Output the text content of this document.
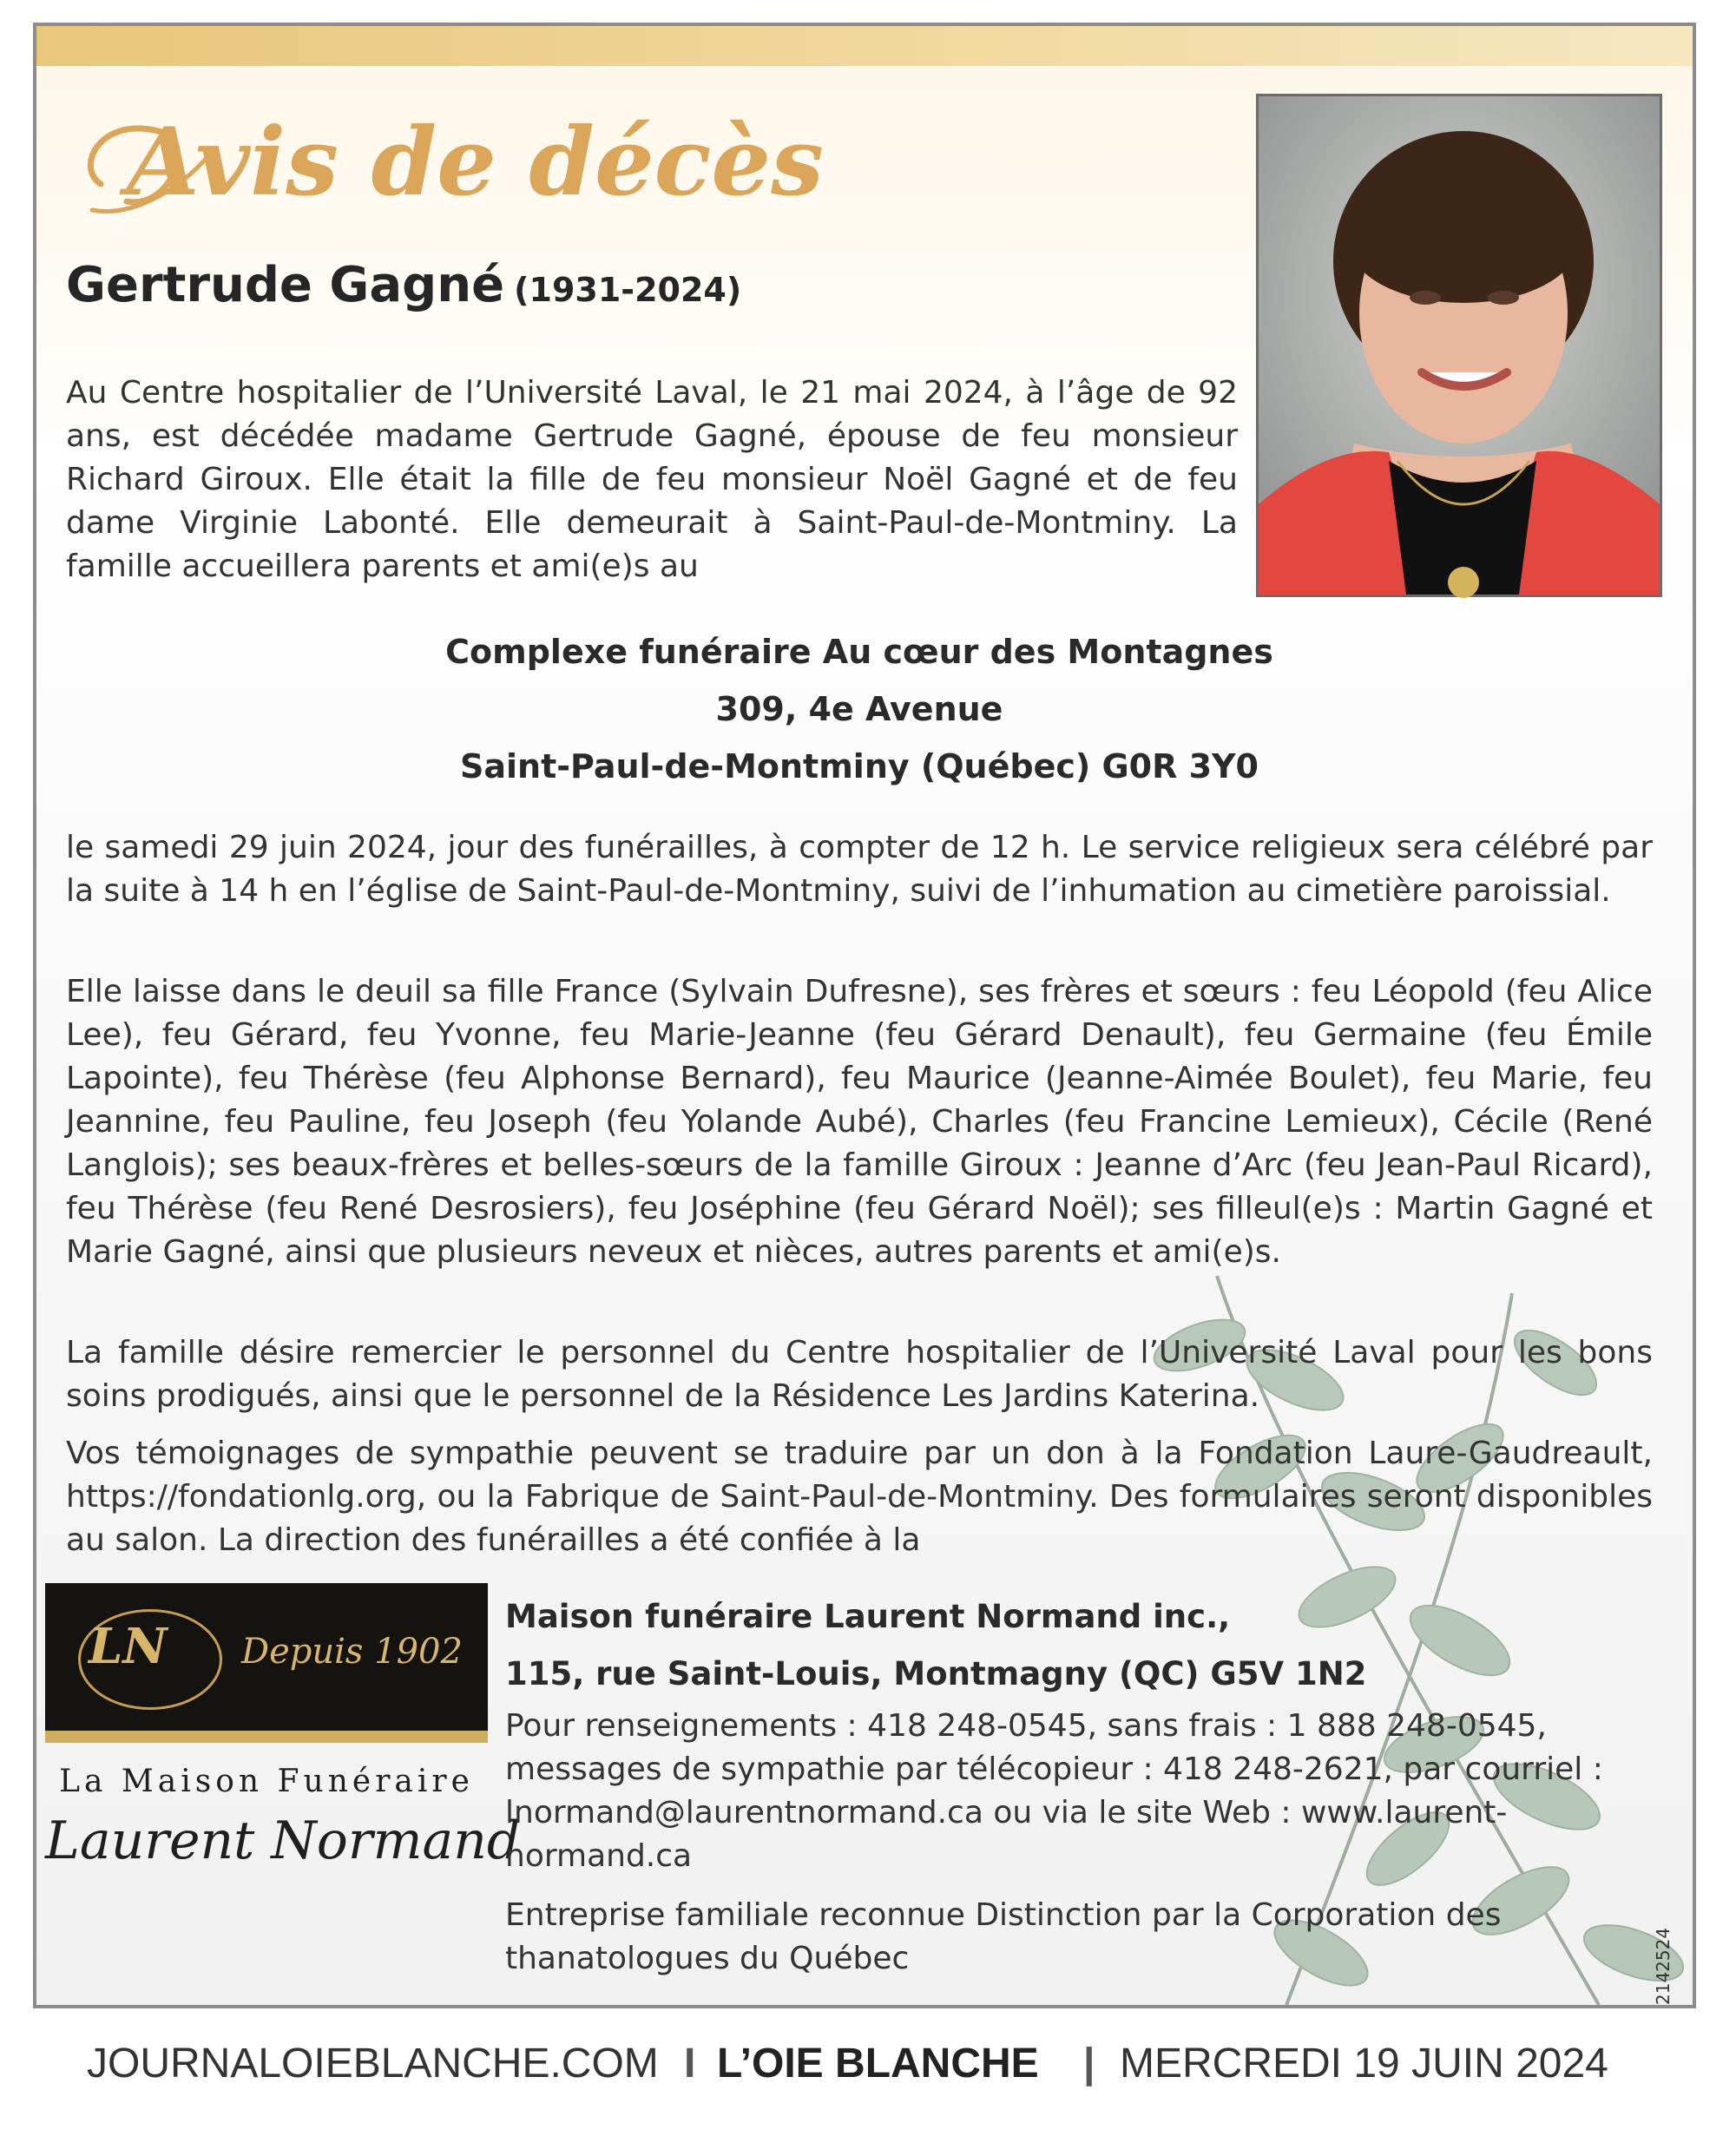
Avis de décès
Gertrude Gagné (1931-2024)

Au Centre hospitalier de l’Université Laval, le 21 mai 2024, à l’âge de 92 ans, est décédée madame Gertrude Gagné, épouse de feu monsieur Richard Giroux. Elle était la fille de feu monsieur Noël Gagné et de feu dame Virginie Labonté. Elle demeurait à Saint-Paul-de-Montminy. La famille accueillera parents et ami(e)s au

Complexe funéraire Au cœur des Montagnes
309, 4e Avenue
Saint-Paul-de-Montminy (Québec) G0R 3Y0

le samedi 29 juin 2024, jour des funérailles, à compter de 12 h. Le service religieux sera célébré par la suite à 14 h en l’église de Saint-Paul-de-Montminy, suivi de l’inhumation au cimetière paroissial.

Elle laisse dans le deuil sa fille France (Sylvain Dufresne), ses frères et sœurs : feu Léopold (feu Alice Lee), feu Gérard, feu Yvonne, feu Marie-Jeanne (feu Gérard Denault), feu Germaine (feu Émile Lapointe), feu Thérèse (feu Alphonse Bernard), feu Maurice (Jeanne-Aimée Boulet), feu Marie, feu Jeannine, feu Pauline, feu Joseph (feu Yolande Aubé), Charles (feu Francine Lemieux), Cécile (René Langlois); ses beaux-frères et belles-sœurs de la famille Giroux : Jeanne d’Arc (feu Jean-Paul Ricard), feu Thérèse (feu René Desrosiers), feu Joséphine (feu Gérard Noël); ses filleul(e)s : Martin Gagné et Marie Gagné, ainsi que plusieurs neveux et nièces, autres parents et ami(e)s.

La famille désire remercier le personnel du Centre hospitalier de l’Université Laval pour les bons soins prodigués, ainsi que le personnel de la Résidence Les Jardins Katerina.

Vos témoignages de sympathie peuvent se traduire par un don à la Fondation Laure-Gaudreault, https://fondationlg.org, ou la Fabrique de Saint-Paul-de-Montminy. Des formulaires seront disponibles au salon. La direction des funérailles a été confiée à la

LN Depuis 1902
La Maison Funéraire
Laurent Normand

Maison funéraire Laurent Normand inc.,

115, rue Saint-Louis, Montmagny (QC) G5V 1N2

Pour renseignements : 418 248-0545, sans frais : 1 888 248-0545, messages de sympathie par télécopieur : 418 248-2621, par courriel : lnormand@laurentnormand.ca ou via le site Web : www.laurent-normand.ca

Entreprise familiale reconnue Distinction par la Corporation des thanatologues du Québec	2142524
JOURNALOIEBLANCHE.COM I L’OIE BLANCHE | MERCREDI 19 JUIN 2024
